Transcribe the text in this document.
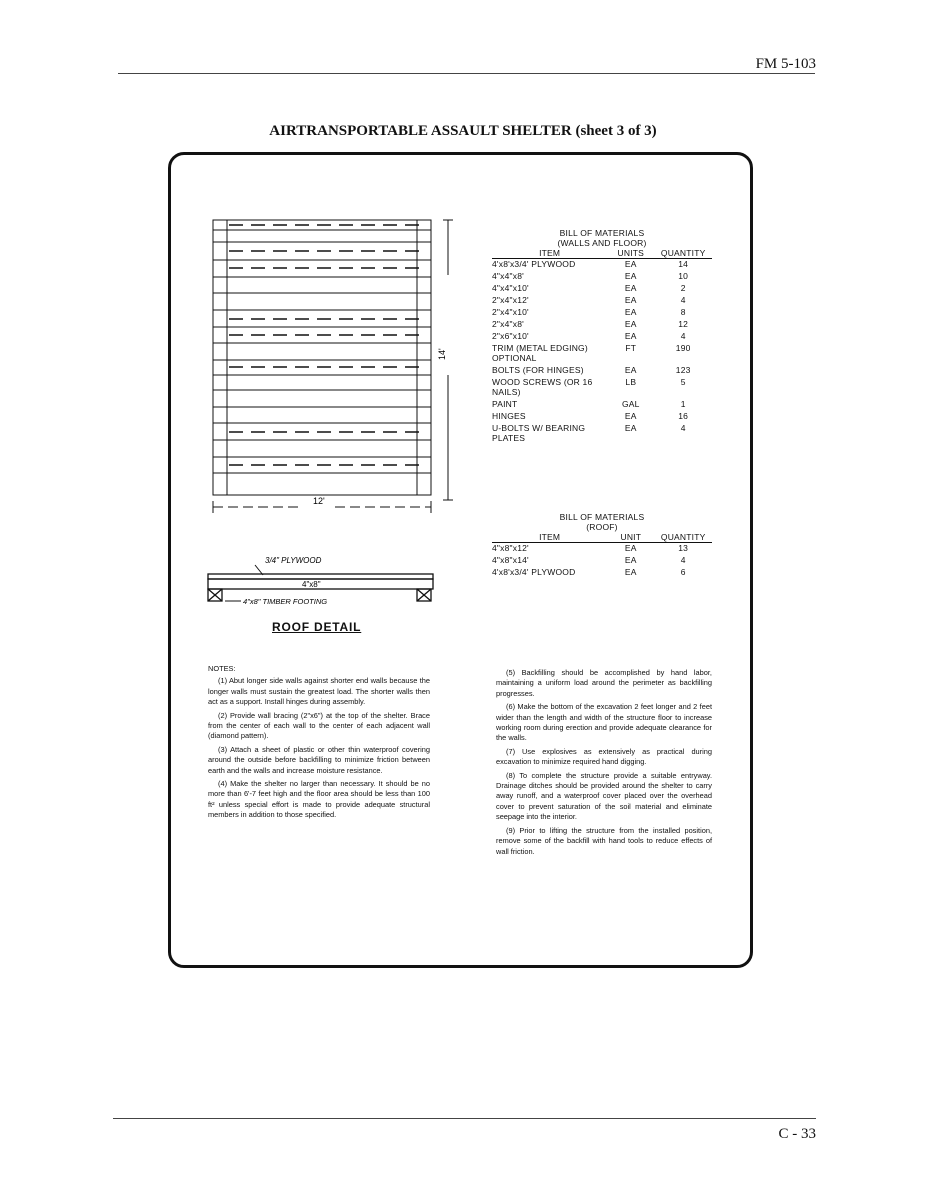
FM 5-103
AIRTRANSPORTABLE ASSAULT SHELTER (sheet 3 of 3)
14'
12'
BILL OF MATERIALS
(WALLS AND FLOOR)
ITEM	UNITS	QUANTITY
4'x8'x3/4' PLYWOOD	EA	14
4"x4"x8'	EA	10
4"x4"x10'	EA	2
2"x4"x12'	EA	4
2"x4"x10'	EA	8
2"x4"x8'	EA	12
2"x6"x10'	EA	4
TRIM (METAL EDGING) OPTIONAL	FT	190
BOLTS (FOR HINGES)	EA	123
WOOD SCREWS (OR 16 NAILS)	LB	5
PAINT	GAL	1
HINGES	EA	16
U-BOLTS W/ BEARING PLATES	EA	4
BILL OF MATERIALS
(ROOF)
ITEM	UNIT	QUANTITY
4"x8"x12'	EA	13
4"x8"x14'	EA	4
4'x8'x3/4' PLYWOOD	EA	6
3/4" PLYWOOD
4"x8"
4"x8" TIMBER FOOTING
ROOF DETAIL

NOTES:

(1) Abut longer side walls against shorter end walls because the longer walls must sustain the greatest load. The shorter walls then act as a support. Install hinges during assembly.

(2) Provide wall bracing (2"x6") at the top of the shelter. Brace from the center of each wall to the center of each adjacent wall (diamond pattern).

(3) Attach a sheet of plastic or other thin waterproof covering around the outside before backfilling to minimize friction between earth and the walls and increase moisture resistance.

(4) Make the shelter no larger than necessary. It should be no more than 6'-7 feet high and the floor area should be less than 100 ft² unless special effort is made to provide adequate structural members in addition to those specified.

(5) Backfilling should be accomplished by hand labor, maintaining a uniform load around the perimeter as backfilling progresses.

(6) Make the bottom of the excavation 2 feet longer and 2 feet wider than the length and width of the structure floor to increase working room during erection and provide adequate clearance for the walls.

(7) Use explosives as extensively as practical during excavation to minimize required hand digging.

(8) To complete the structure provide a suitable entryway. Drainage ditches should be provided around the shelter to carry away runoff, and a waterproof cover placed over the overhead cover to prevent saturation of the soil material and eliminate seepage into the interior.

(9) Prior to lifting the structure from the installed position, remove some of the backfill with hand tools to reduce effects of wall friction.

C - 33
